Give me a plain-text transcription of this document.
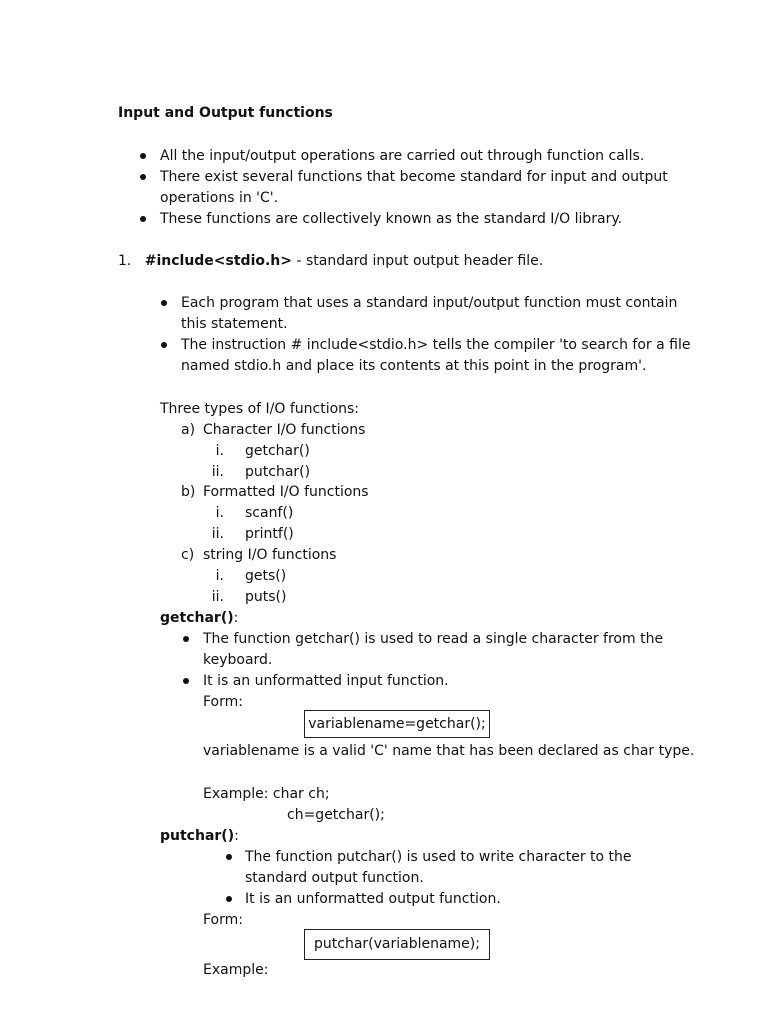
Input and Output functions
All the input/output operations are carried out through function calls.
There exist several functions that become standard for input and output
operations in 'C'.
These functions are collectively known as the standard I/O library.
1. #include<stdio.h> - standard input output header file.
Each program that uses a standard input/output function must contain
this statement.
The instruction # include<stdio.h> tells the compiler 'to search for a file
named stdio.h and place its contents at this point in the program'.
Three types of I/O functions:
a) Character I/O functions
i. getchar()
ii. putchar()
b) Formatted I/O functions
i. scanf()
ii. printf()
c) string I/O functions
i. gets()
ii. puts()
getchar():
The function getchar() is used to read a single character from the
keyboard.
It is an unformatted input function.
Form:
variablename=getchar();
variablename is a valid 'C' name that has been declared as char type.
Example: char ch;
ch=getchar();
putchar():
The function putchar() is used to write character to the
standard output function.
It is an unformatted output function.
Form:
putchar(variablename);
Example:
